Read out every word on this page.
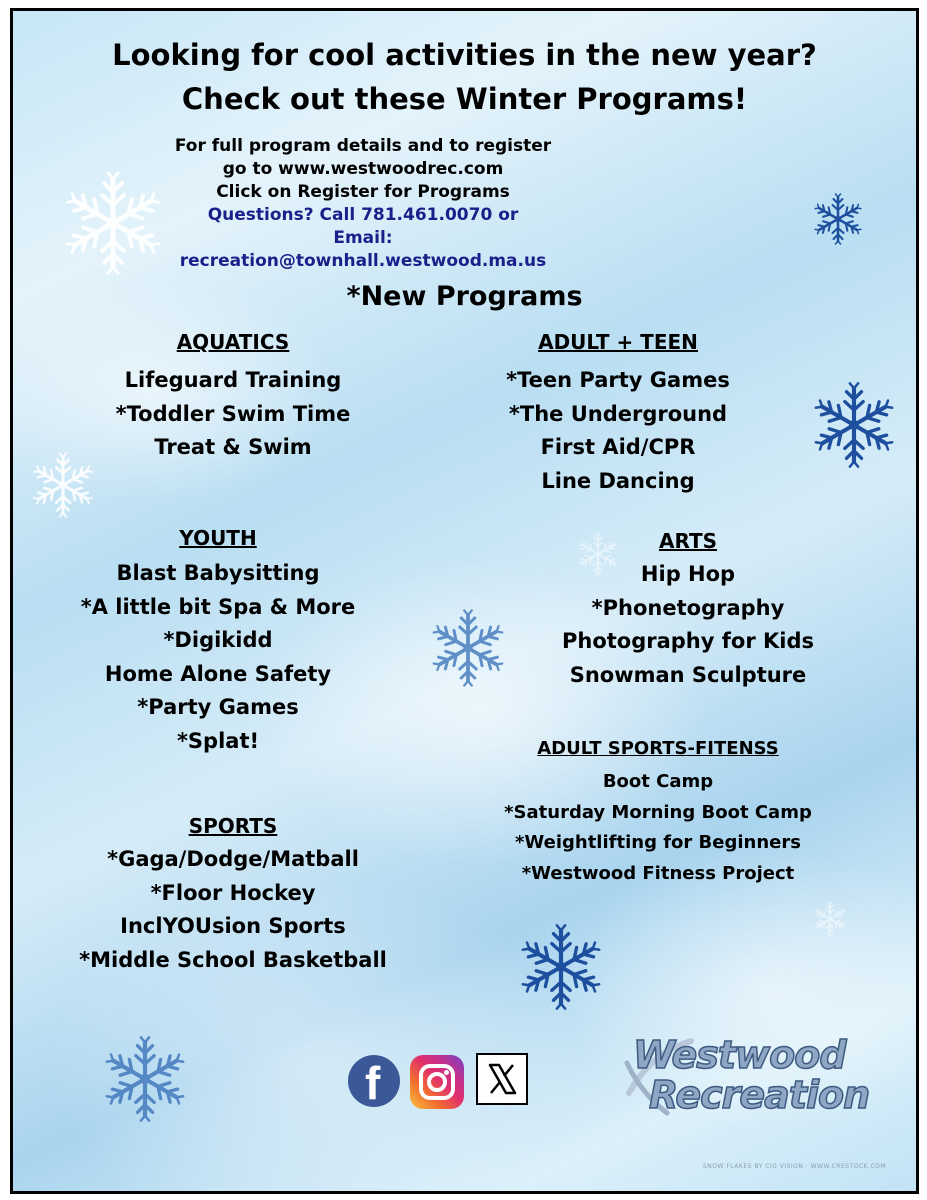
Looking for cool activities in the new year?
Check out these Winter Programs!
For full program details and to register
go to www.westwoodrec.com
Click on Register for Programs
Questions? Call 781.461.0070 or
Email: recreation@townhall.westwood.ma.us
*New Programs
AQUATICS
Lifeguard Training
*Toddler Swim Time
Treat & Swim
ADULT + TEEN
*Teen Party Games
*The Underground
First Aid/CPR
Line Dancing
YOUTH
Blast Babysitting
*A little bit Spa & More
*Digikidd
Home Alone Safety
*Party Games
*Splat!
ARTS
Hip Hop
*Phonetography
Photography for Kids
Snowman Sculpture
SPORTS
*Gaga/Dodge/Matball
*Floor Hockey
InclYOUsion Sports
*Middle School Basketball
ADULT SPORTS-FITENSS
Boot Camp
*Saturday Morning Boot Camp
*Weightlifting for Beginners
*Westwood Fitness Project
f
Westwood
Recreation
SNOW FLAKES BY CIG VISION · WWW.CRESTOCK.COM
